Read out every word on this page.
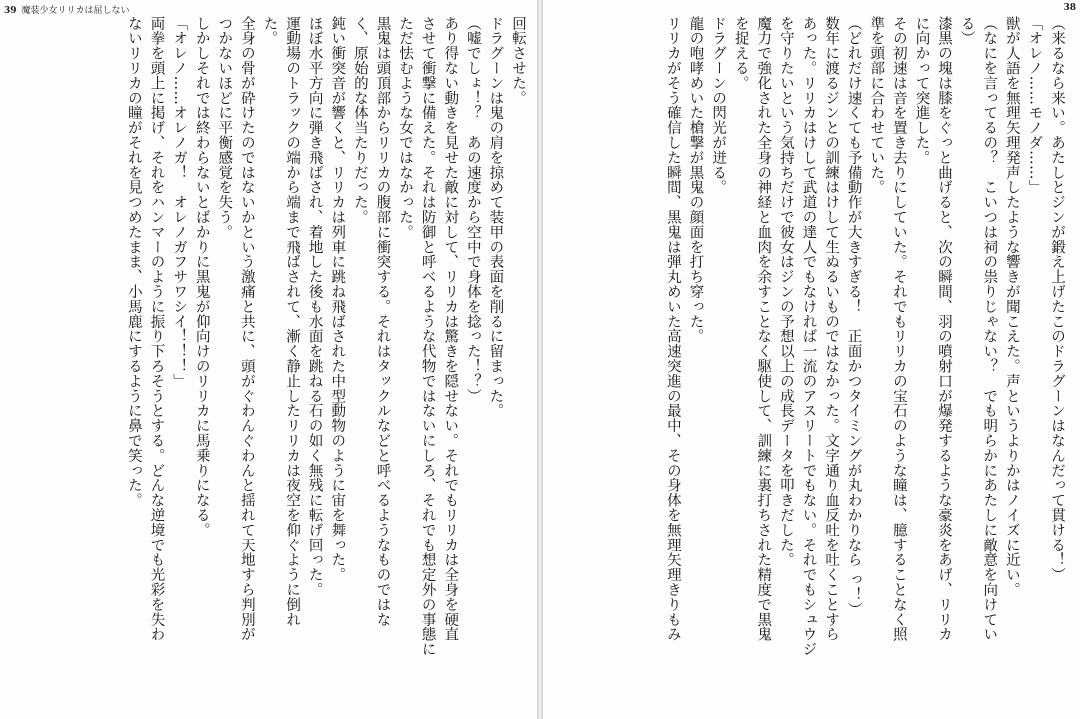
39 魔装少女リリカは屈しない
回転させた。
ドラグーンは鬼の肩を掠めて装甲の表面を削るに留まった。
（嘘でしょ！？　あの速度から空中で身体を捻った！？）
あり得ない動きを見せた敵に対して、リリカは驚きを隠せない。それでもリリカは全身を硬直
させて衝撃に備えた。それは防御と呼べるような代物ではないにしろ、それでも想定外の事態に
ただ怯むような女ではなかった。
黒鬼は頭頂部からリリカの腹部に衝突する。それはタックルなどと呼べるようなものではな
く、原始的な体当たりだった。
鈍い衝突音が響くと、リリカは列車に跳ね飛ばされた中型動物のように宙を舞った。
ほぼ水平方向に弾き飛ばされ、着地した後も水面を跳ねる石の如く無残に転げ回った。
運動場のトラックの端から端まで飛ばされて、漸く静止したリリカは夜空を仰ぐように倒れ
た。
全身の骨が砕けたのではないかという激痛と共に、頭がぐわんぐわんと揺れて天地すら判別が
つかないほどに平衡感覚を失う。
しかしそれでは終わらないとばかりに黒鬼が仰向けのリリカに馬乗りになる。
「オレノ……オレノガ！　オレノガフサワシイ！！！」
両拳を頭上に掲げ、それをハンマーのように振り下ろそうとする。どんな逆境でも光彩を失わ
ないリリカの瞳がそれを見つめたまま、小馬鹿にするように鼻で笑った。
38
（来るなら来い。あたしとジンが鍛え上げたこのドラグーンはなんだって貫ける！）
「オレノ……モノダ……」
獣が人語を無理矢理発声したような響きが聞こえた。声というよりかはノイズに近い。
（なにを言ってるの？　こいつは祠の祟りじゃない？　でも明らかにあたしに敵意を向けてい
る）
漆黒の塊は膝をぐっと曲げると、次の瞬間、羽の噴射口が爆発するような豪炎をあげ、リリカ
に向かって突進した。
その初速は音を置き去りにしていた。それでもリリカの宝石のような瞳は、臆することなく照
準を頭部に合わせていた。
（どれだけ速くても予備動作が大きすぎる！　正面かつタイミングが丸わかりなら っ！）
数年に渡るジンとの訓練はけして生ぬるいものではなかった。文字通り血反吐を吐くことすら
あった。リリカはけして武道の達人でもなければ一流のアスリートでもない。それでもシュウジ
を守りたいという気持ちだけで彼女はジンの予想以上の成長データを叩きだした。
魔力で強化された全身の神経と血肉を余すことなく駆使して、訓練に裏打ちされた精度で黒鬼
を捉える。
ドラグーンの閃光が迸る。
龍の咆哮めいた槍撃が黒鬼の顔面を打ち穿った。
リリカがそう確信した瞬間、黒鬼は弾丸めいた高速突進の最中、その身体を無理矢理きりもみ
